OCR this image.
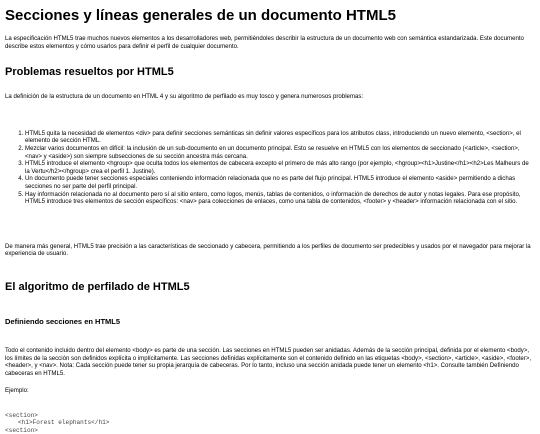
Secciones y líneas generales de un documento HTML5

La especificación HTML5 trae muchos nuevos elementos a los desarrolladores web, permitiéndoles describir la estructura de un documento web con semántica estandarizada. Este documento describe estos elementos y cómo usarlos para definir el perfil de cualquier documento.

Problemas resueltos por HTML5

La definición de la estructura de un documento en HTML 4 y su algoritmo de perfilado es muy tosco y genera numerosos problemas:

1. HTML5 quita la necesidad de elementos <div> para definir secciones semánticas sin definir valores específicos para los atributos class, introduciendo un nuevo elemento, <section>, el elemento de sección HTML.
2. Mezclar varios documentos en difícil: la inclusión de un sub-documento en un documento principal. Esto se resuelve en HTML5 con los elementos de seccionado (<article>, <section>, <nav> y <aside>) son siempre subsecciones de su sección ancestra más cercana.
3. HTML5 introduce el elemento <hgroup> que oculta todos los elementos de cabecera excepto el primero de más alto rango (por ejemplo, <hgroup><h1>Justine</h1><h2>Les Malheurs de la Vertu</h2></hgroup> crea el perfil 1. Justine).
4. Un documento puede tener secciones especiales conteniendo información relacionada que no es parte del flujo principal. HTML5 introduce el elemento <aside> permitiendo a dichas secciones no ser parte del perfil principal.
5. Hay información relacionada no al documento pero sí al sitio entero, como logos, menús, tablas de contenidos, o información de derechos de autor y notas legales. Para ese propósito, HTML5 introduce tres elementos de sección específicos: <nav> para colecciones de enlaces, como una tabla de contenidos, <footer> y <header> información relacionada con el sitio.

De manera más general, HTML5 trae precisión a las características de seccionado y cabecera, permitiendo a los perfiles de documento ser predecibles y usados por el navegador para mejorar la experiencia de usuario.

El algoritmo de perfilado de HTML5
Definiendo secciones en HTML5

Todo el contenido incluido dentro del elemento <body> es parte de una sección. Las secciones en HTML5 pueden ser anidadas. Además de la sección principal, definida por el elemento <body>, los límites de la sección son definidos explícita o implícitamente. Las secciones definidas explícitamente son el contenido definido en las etiquetas <body>, <section>, <article>, <aside>, <footer>, <header>, y <nav>. Nota: Cada sección puede tener su propia jerarquía de cabeceras. Por lo tanto, incluso una sección anidada puede tener un elemento <h1>. Consulte también Definiendo cabeceras en HTML5.

Ejemplo:

<section>
<h1>Forest elephants</h1>
<section>
